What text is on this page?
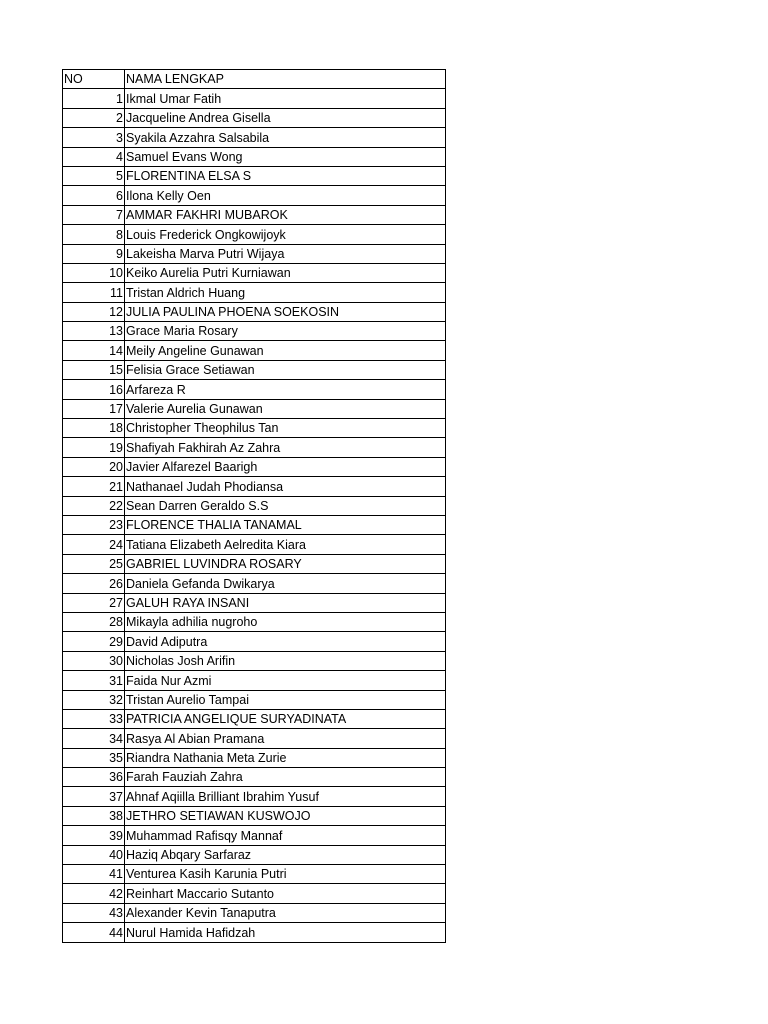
NO	NAMA LENGKAP
1	Ikmal Umar Fatih
2	Jacqueline Andrea Gisella
3	Syakila Azzahra Salsabila
4	Samuel Evans Wong
5	FLORENTINA ELSA S
6	Ilona Kelly Oen
7	AMMAR FAKHRI MUBAROK
8	Louis Frederick Ongkowijoyk
9	Lakeisha Marva Putri Wijaya
10	Keiko Aurelia Putri Kurniawan
11	Tristan Aldrich Huang
12	JULIA PAULINA PHOENA SOEKOSIN
13	Grace Maria Rosary
14	Meily Angeline Gunawan
15	Felisia Grace Setiawan
16	Arfareza R
17	Valerie Aurelia Gunawan
18	Christopher Theophilus Tan
19	Shafiyah Fakhirah Az Zahra
20	Javier Alfarezel Baarigh
21	Nathanael Judah Phodiansa
22	Sean Darren Geraldo S.S
23	FLORENCE THALIA TANAMAL
24	Tatiana Elizabeth Aelredita Kiara
25	GABRIEL LUVINDRA ROSARY
26	Daniela Gefanda Dwikarya
27	GALUH RAYA INSANI
28	Mikayla adhilia nugroho
29	David Adiputra
30	Nicholas Josh Arifin
31	Faida Nur Azmi
32	Tristan Aurelio Tampai
33	PATRICIA ANGELIQUE SURYADINATA
34	Rasya Al Abian Pramana
35	Riandra Nathania Meta Zurie
36	Farah Fauziah Zahra
37	Ahnaf Aqiilla Brilliant Ibrahim Yusuf
38	JETHRO SETIAWAN KUSWOJO
39	Muhammad Rafisqy Mannaf
40	Haziq Abqary Sarfaraz
41	Venturea Kasih Karunia Putri
42	Reinhart Maccario Sutanto
43	Alexander Kevin Tanaputra
44	Nurul Hamida Hafidzah
